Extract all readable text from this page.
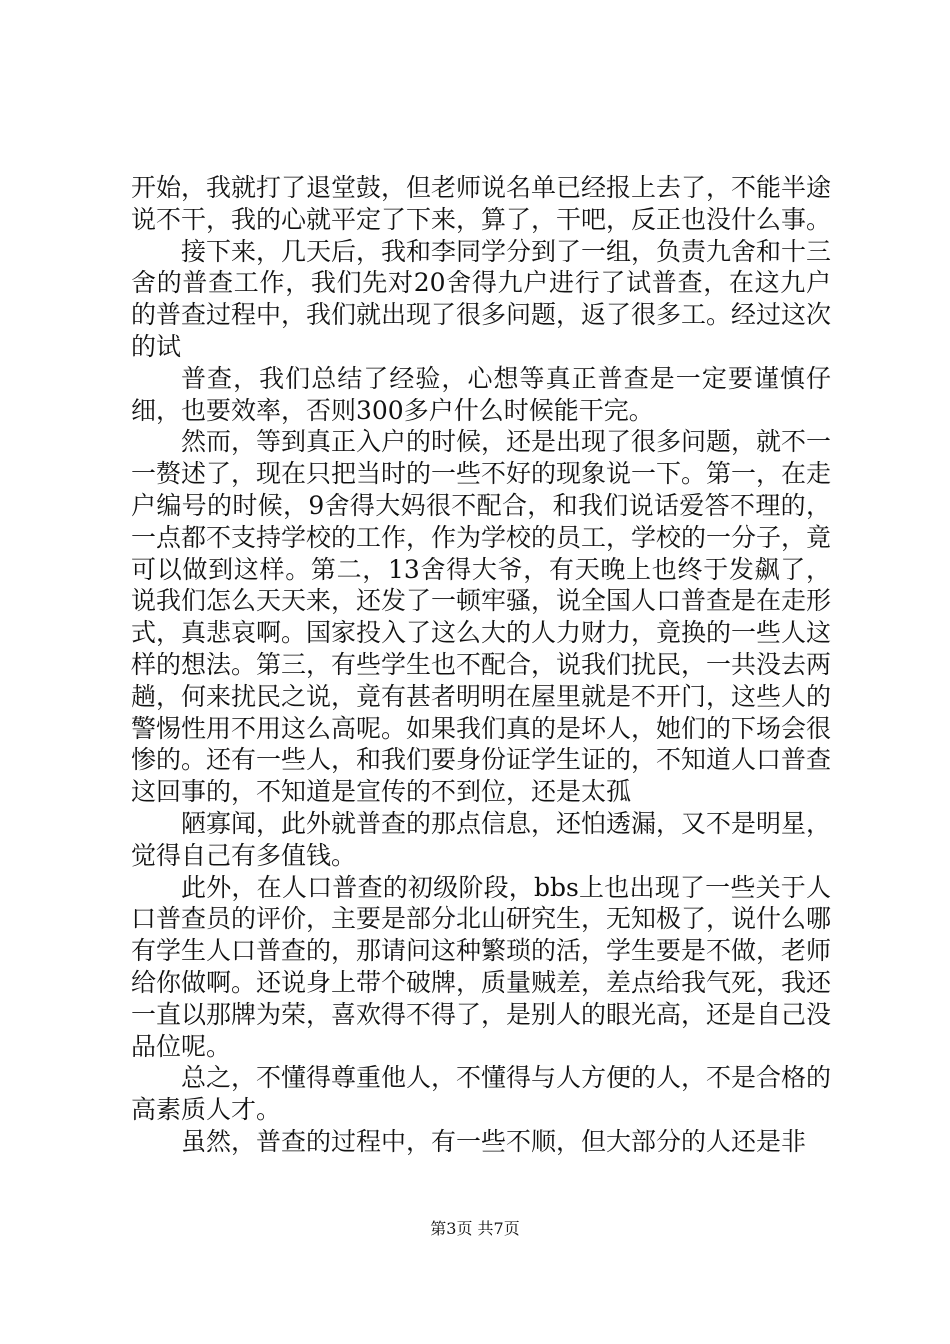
开始，我就打了退堂鼓，但老师说名单已经报上去了，不能半途说不干，我的心就平定了下来，算了，干吧，反正也没什么事。

接下来，几天后，我和李同学分到了一组，负责九舍和十三舍的普查工作，我们先对20舍得九户进行了试普查，在这九户的普查过程中，我们就出现了很多问题，返了很多工。经过这次的试

普查，我们总结了经验，心想等真正普查是一定要谨慎仔细，也要效率，否则300多户什么时候能干完。

然而，等到真正入户的时候，还是出现了很多问题，就不一一赘述了，现在只把当时的一些不好的现象说一下。第一，在走户编号的时候，9舍得大妈很不配合，和我们说话爱答不理的，一点都不支持学校的工作，作为学校的员工，学校的一分子，竟可以做到这样。第二，13舍得大爷，有天晚上也终于发飙了，说我们怎么天天来，还发了一顿牢骚，说全国人口普查是在走形式，真悲哀啊。国家投入了这么大的人力财力，竟换的一些人这样的想法。第三，有些学生也不配合，说我们扰民，一共没去两趟，何来扰民之说，竟有甚者明明在屋里就是不开门，这些人的警惕性用不用这么高呢。如果我们真的是坏人，她们的下场会很惨的。还有一些人，和我们要身份证学生证的，不知道人口普查这回事的，不知道是宣传的不到位，还是太孤

陋寡闻，此外就普查的那点信息，还怕透漏，又不是明星，觉得自己有多值钱。

此外，在人口普查的初级阶段，bbs上也出现了一些关于人口普查员的评价，主要是部分北山研究生，无知极了，说什么哪有学生人口普查的，那请问这种繁琐的活，学生要是不做，老师给你做啊。还说身上带个破牌，质量贼差，差点给我气死，我还一直以那牌为荣，喜欢得不得了，是别人的眼光高，还是自己没品位呢。

总之，不懂得尊重他人，不懂得与人方便的人，不是合格的高素质人才。

虽然，普查的过程中，有一些不顺，但大部分的人还是非

第3页 共7页
